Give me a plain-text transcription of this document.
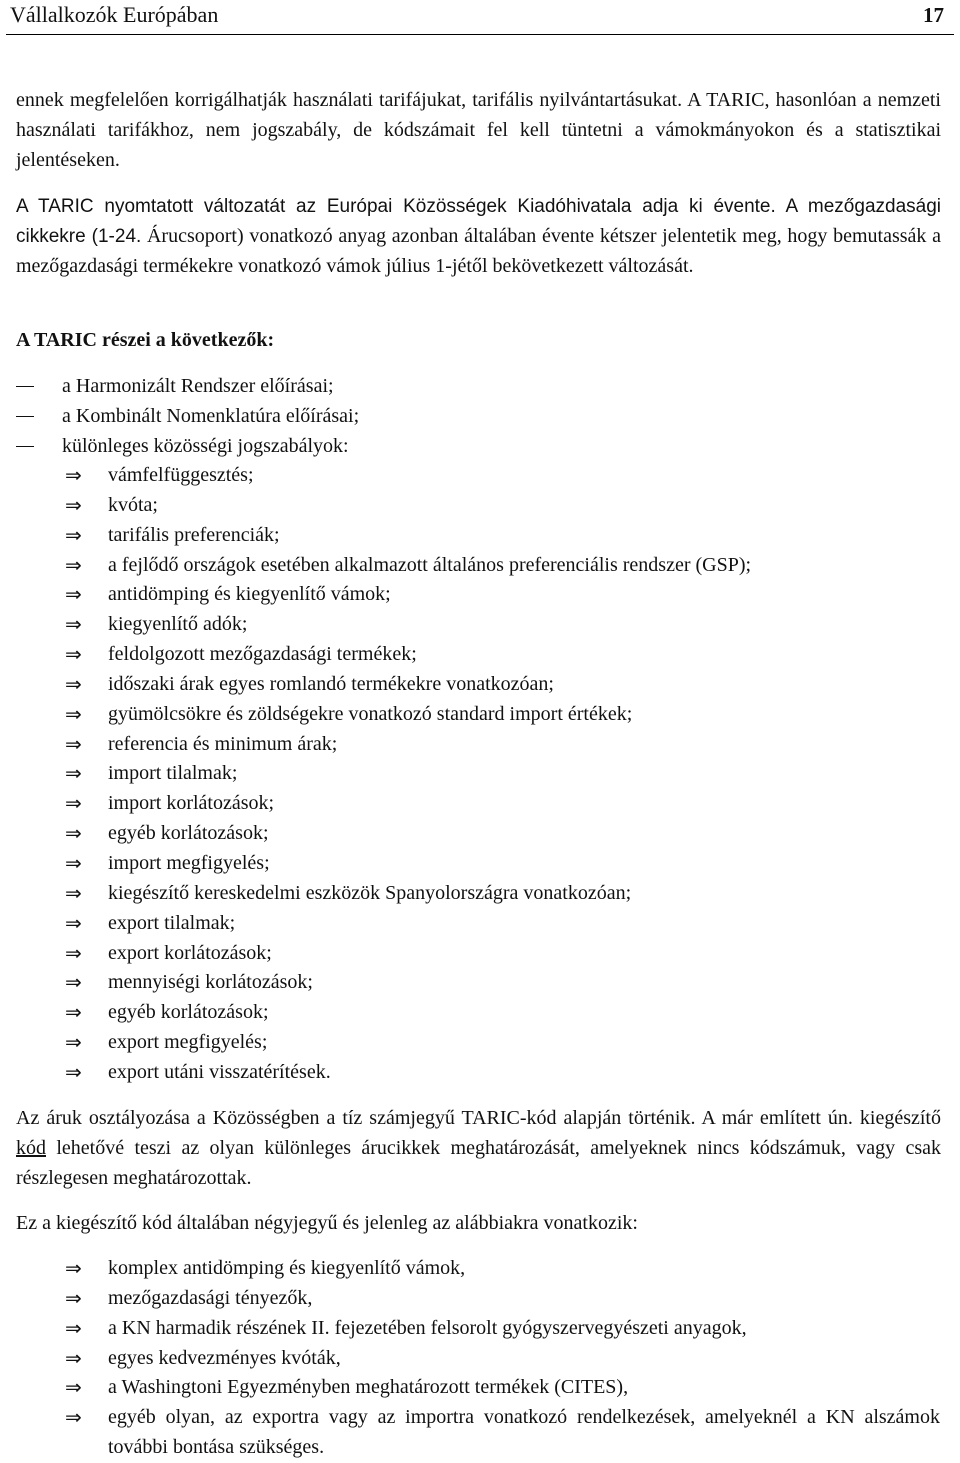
Vállalkozók Európában	17

ennek megfelelően korrigálhatják használati tarifájukat, tarifális nyilvántartásukat. A TARIC, hasonlóan a nemzeti használati tarifákhoz, nem jogszabály, de kódszámait fel kell tüntetni a vámokmányokon és a statisztikai jelentéseken.

A TARIC nyomtatott változatát az Európai Közösségek Kiadóhivatala adja ki évente. A mezőgazdasági cikkekre (1-24. Árucsoport) vonatkozó anyag azonban általában évente kétszer jelentetik meg, hogy bemutassák a mezőgazdasági termékekre vonatkozó vámok július 1-jétől bekövetkezett változását.

A TARIC részei a következők:
a Harmonizált Rendszer előírásai;
a Kombinált Nomenklatúra előírásai;
különleges közösségi jogszabályok:
⇒ vámfelfüggesztés;
⇒ kvóta;
⇒ tarifális preferenciák;
⇒ a fejlődő országok esetében alkalmazott általános preferenciális rendszer (GSP);
⇒ antidömping és kiegyenlítő vámok;
⇒ kiegyenlítő adók;
⇒ feldolgozott mezőgazdasági termékek;
⇒ időszaki árak egyes romlandó termékekre vonatkozóan;
⇒ gyümölcsökre és zöldségekre vonatkozó standard import értékek;
⇒ referencia és minimum árak;
⇒ import tilalmak;
⇒ import korlátozások;
⇒ egyéb korlátozások;
⇒ import megfigyelés;
⇒ kiegészítő kereskedelmi eszközök Spanyolországra vonatkozóan;
⇒ export tilalmak;
⇒ export korlátozások;
⇒ mennyiségi korlátozások;
⇒ egyéb korlátozások;
⇒ export megfigyelés;
⇒ export utáni visszatérítések.

Az áruk osztályozása a Közösségben a tíz számjegyű TARIC-kód alapján történik. A már említett ún. kiegészítő kód lehetővé teszi az olyan különleges árucikkek meghatározását, amelyeknek nincs kódszámuk, vagy csak részlegesen meghatározottak.

Ez a kiegészítő kód általában négyjegyű és jelenleg az alábbiakra vonatkozik:

⇒ komplex antidömping és kiegyenlítő vámok,
⇒ mezőgazdasági tényezők,
⇒ a KN harmadik részének II. fejezetében felsorolt gyógyszervegyészeti anyagok,
⇒ egyes kedvezményes kvóták,
⇒ a Washingtoni Egyezményben meghatározott termékek (CITES),
⇒ egyéb olyan, az exportra vagy az importra vonatkozó rendelkezések, amelyeknél a KN alszámok további bontása szükséges.
